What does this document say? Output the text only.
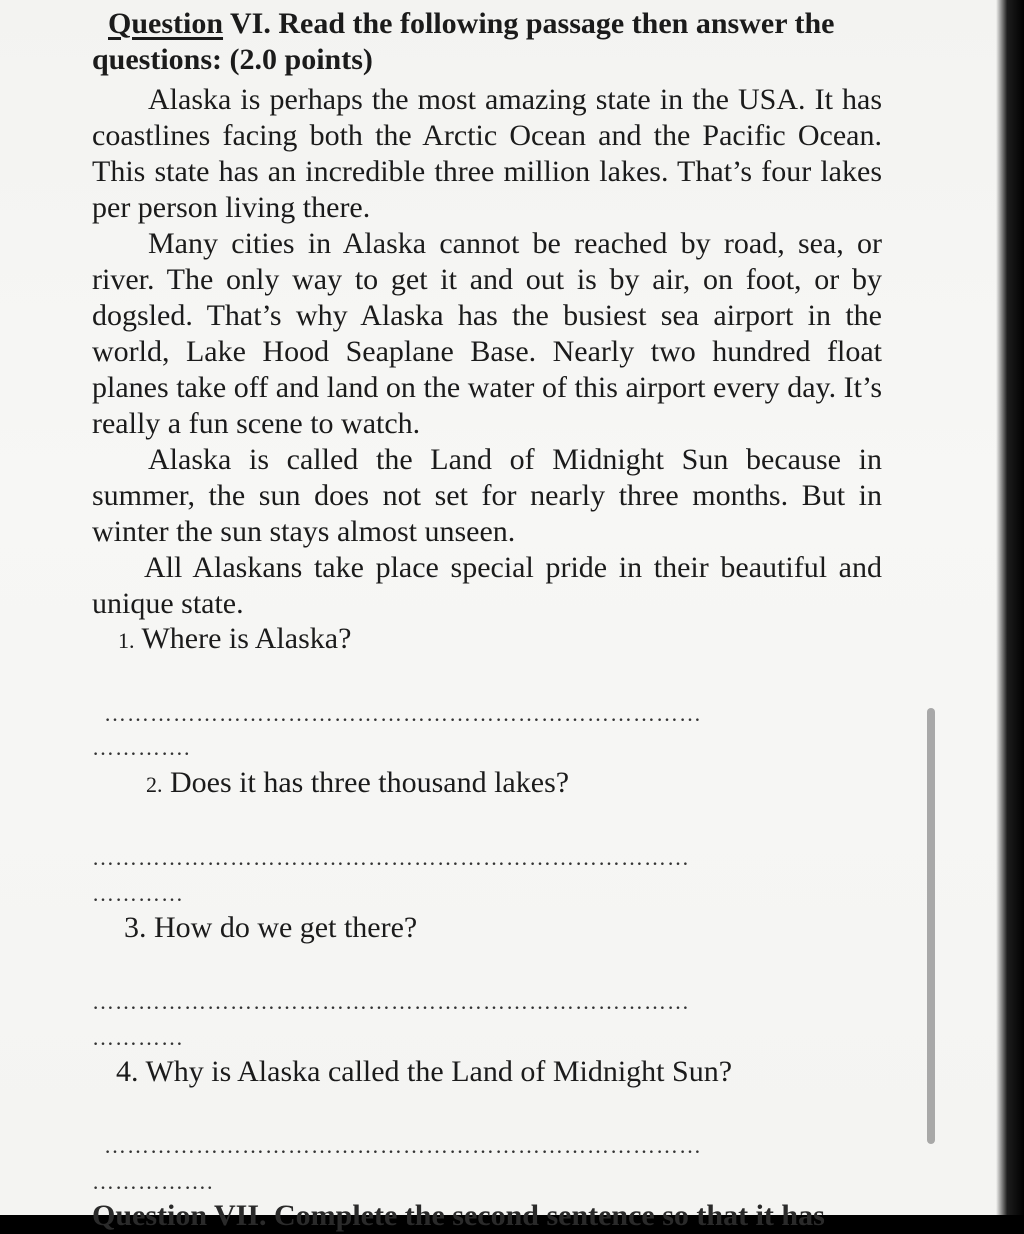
Question VI. Read the following passage then answer the questions: (2.0 points)

Alaska is perhaps the most amazing state in the USA. It has coastlines facing both the Arctic Ocean and the Pacific Ocean. This state has an incredible three million lakes. That’s four lakes per person living there.

Many cities in Alaska cannot be reached by road, sea, or river. The only way to get it and out is by air, on foot, or by dogsled. That’s why Alaska has the busiest sea airport in the world, Lake Hood Seaplane Base. Nearly two hundred float planes take off and land on the water of this airport every day. It’s really a fun scene to watch.

Alaska is called the Land of Midnight Sun because in summer, the sun does not set for nearly three months. But in winter the sun stays almost unseen.

All Alaskans take place special pride in their beautiful and unique state.

1. Where is Alaska?
……………………………………………………………………
………….
2. Does it has three thousand lakes?
……………………………………………………………………
…………
3. How do we get there?
……………………………………………………………………
…………
4. Why is Alaska called the Land of Midnight Sun?
……………………………………………………………………
…………….
Question VII. Complete the second sentence so that it has
